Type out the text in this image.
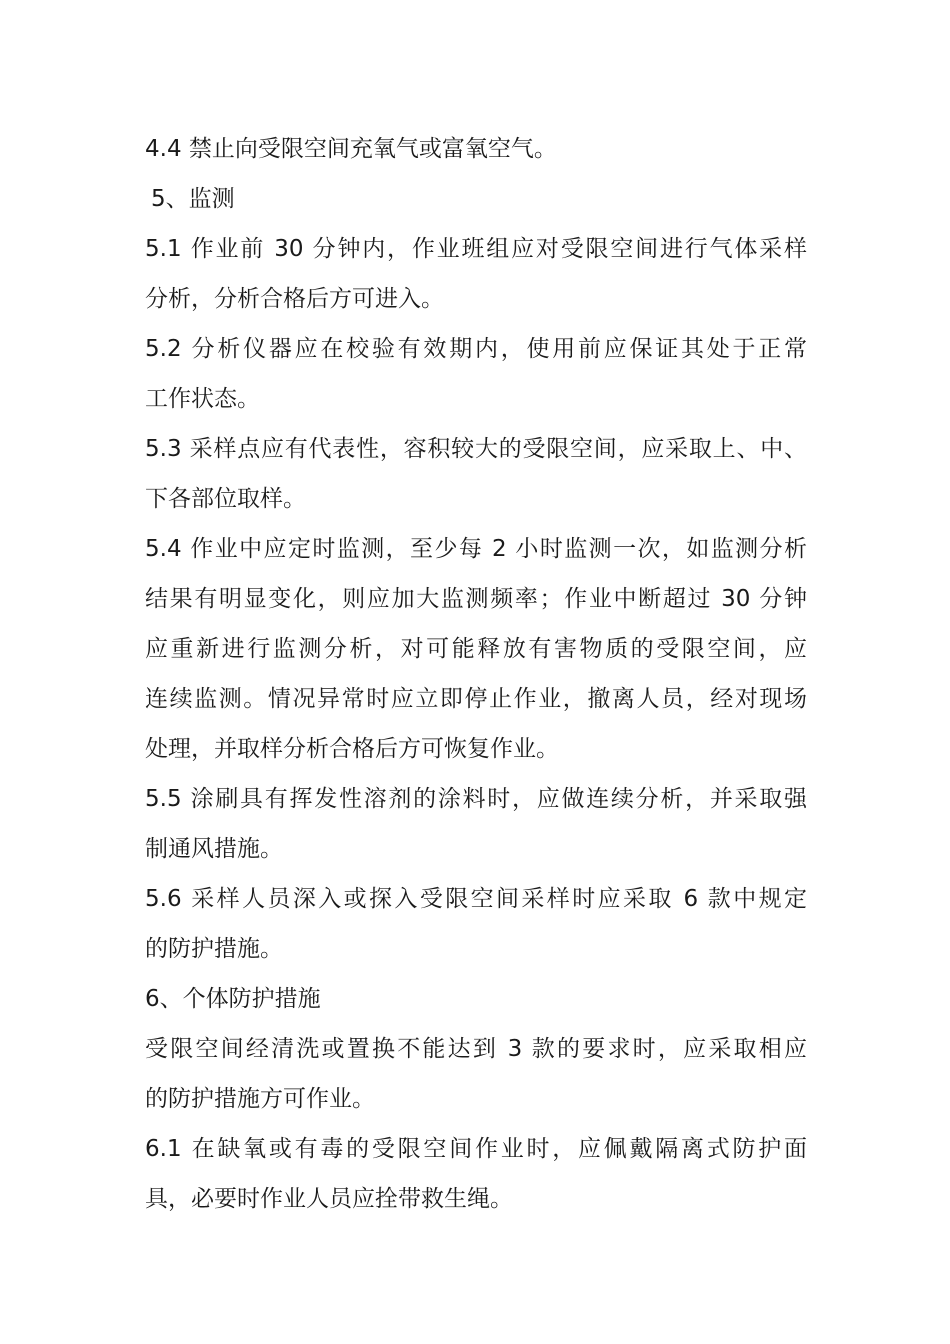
4.4 禁止向受限空间充氧气或富氧空气。
5、监测
5.1 作业前 30 分钟内，作业班组应对受限空间进行气体采样
分析，分析合格后方可进入。
5.2 分析仪器应在校验有效期内，使用前应保证其处于正常
工作状态。
5.3 采样点应有代表性，容积较大的受限空间，应采取上、中、
下各部位取样。
5.4 作业中应定时监测，至少每 2 小时监测一次，如监测分析
结果有明显变化，则应加大监测频率；作业中断超过 30 分钟
应重新进行监测分析，对可能释放有害物质的受限空间，应
连续监测。情况异常时应立即停止作业，撤离人员，经对现场
处理，并取样分析合格后方可恢复作业。
5.5 涂刷具有挥发性溶剂的涂料时，应做连续分析，并采取强
制通风措施。
5.6 采样人员深入或探入受限空间采样时应采取 6 款中规定
的防护措施。
6、个体防护措施
受限空间经清洗或置换不能达到 3 款的要求时，应采取相应
的防护措施方可作业。
6.1 在缺氧或有毒的受限空间作业时，应佩戴隔离式防护面
具，必要时作业人员应拴带救生绳。
